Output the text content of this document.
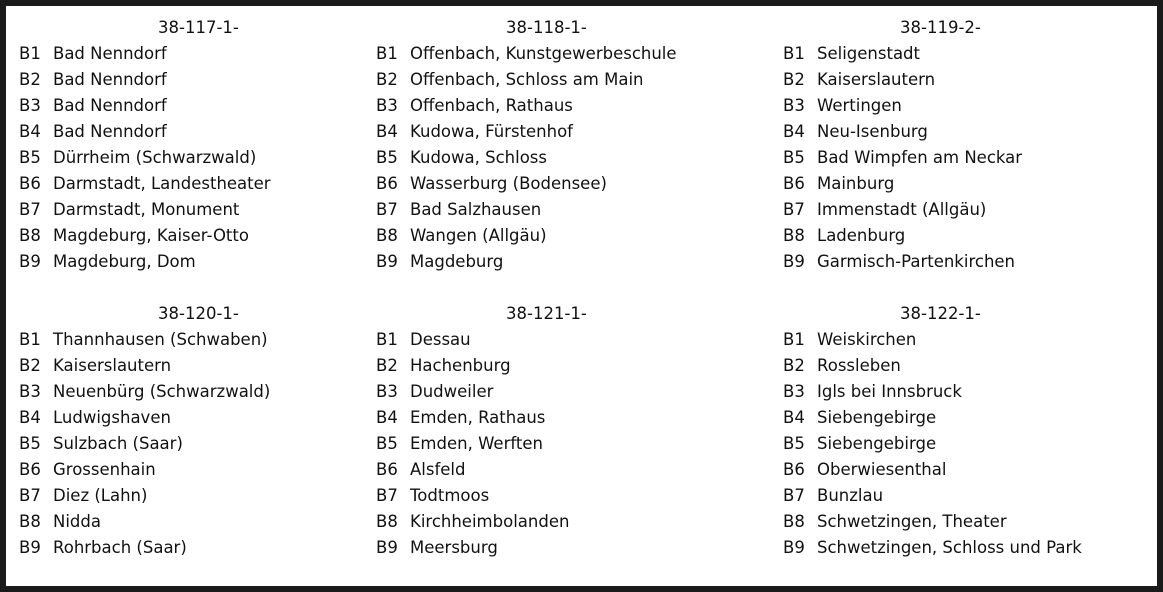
38-117-1-
B1 Bad Nenndorf
B2 Bad Nenndorf
B3 Bad Nenndorf
B4 Bad Nenndorf
B5 Dürrheim (Schwarzwald)
B6 Darmstadt, Landestheater
B7 Darmstadt, Monument
B8 Magdeburg, Kaiser-Otto
B9 Magdeburg, Dom
38-118-1-
B1 Offenbach, Kunstgewerbeschule
B2 Offenbach, Schloss am Main
B3 Offenbach, Rathaus
B4 Kudowa, Fürstenhof
B5 Kudowa, Schloss
B6 Wasserburg (Bodensee)
B7 Bad Salzhausen
B8 Wangen (Allgäu)
B9 Magdeburg
38-119-2-
B1 Seligenstadt
B2 Kaiserslautern
B3 Wertingen
B4 Neu-Isenburg
B5 Bad Wimpfen am Neckar
B6 Mainburg
B7 Immenstadt (Allgäu)
B8 Ladenburg
B9 Garmisch-Partenkirchen
38-120-1-
B1 Thannhausen (Schwaben)
B2 Kaiserslautern
B3 Neuenbürg (Schwarzwald)
B4 Ludwigshaven
B5 Sulzbach (Saar)
B6 Grossenhain
B7 Diez (Lahn)
B8 Nidda
B9 Rohrbach (Saar)
38-121-1-
B1 Dessau
B2 Hachenburg
B3 Dudweiler
B4 Emden, Rathaus
B5 Emden, Werften
B6 Alsfeld
B7 Todtmoos
B8 Kirchheimbolanden
B9 Meersburg
38-122-1-
B1 Weiskirchen
B2 Rossleben
B3 Igls bei Innsbruck
B4 Siebengebirge
B5 Siebengebirge
B6 Oberwiesenthal
B7 Bunzlau
B8 Schwetzingen, Theater
B9 Schwetzingen, Schloss und Park
